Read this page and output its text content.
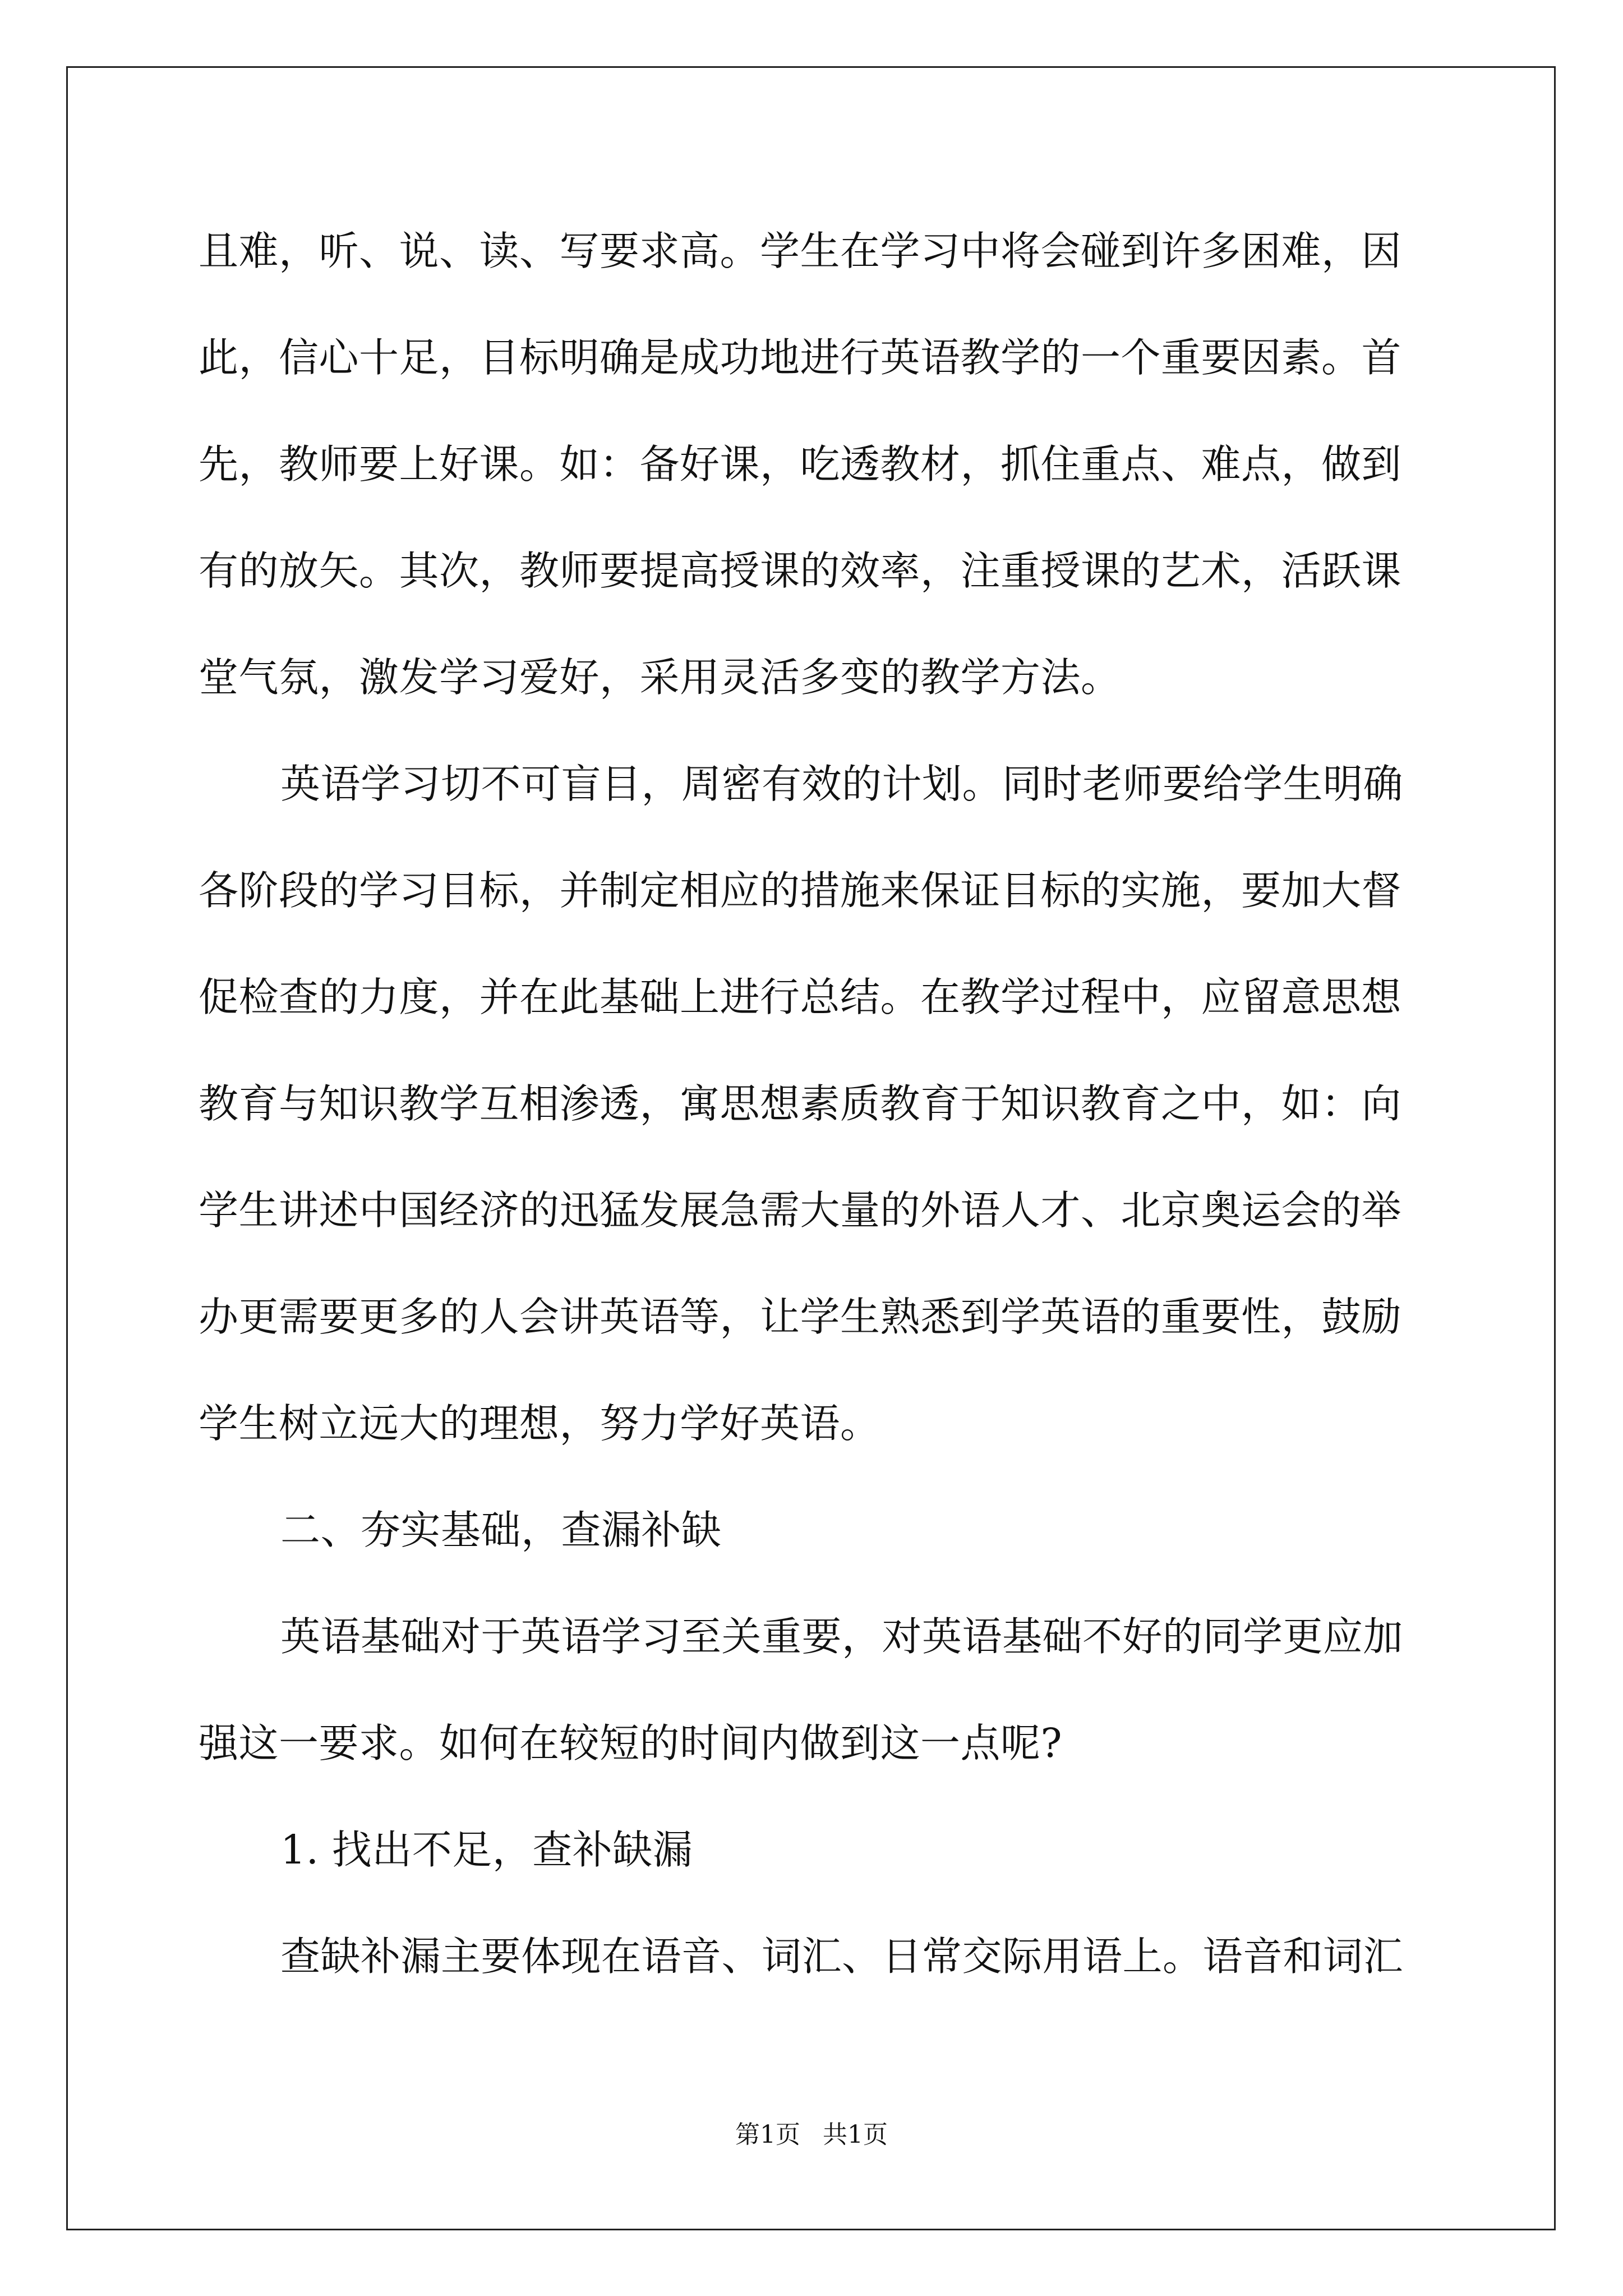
且难，听、说、读、写要求高。学生在学习中将会碰到许多困难，因
此，信心十足，目标明确是成功地进行英语教学的一个重要因素。首
先，教师要上好课。如：备好课，吃透教材，抓住重点、难点，做到
有的放矢。其次，教师要提高授课的效率，注重授课的艺术，活跃课
堂气氛，激发学习爱好，采用灵活多变的教学方法。
英语学习切不可盲目，周密有效的计划。同时老师要给学生明确
各阶段的学习目标，并制定相应的措施来保证目标的实施，要加大督
促检查的力度，并在此基础上进行总结。在教学过程中，应留意思想
教育与知识教学互相渗透，寓思想素质教育于知识教育之中，如：向
学生讲述中国经济的迅猛发展急需大量的外语人才、北京奥运会的举
办更需要更多的人会讲英语等，让学生熟悉到学英语的重要性，鼓励
学生树立远大的理想，努力学好英语。
二、夯实基础，查漏补缺
英语基础对于英语学习至关重要，对英语基础不好的同学更应加
强这一要求。如何在较短的时间内做到这一点呢?
1. 找出不足，查补缺漏
查缺补漏主要体现在语音、词汇、日常交际用语上。语音和词汇
第1页 共1页
